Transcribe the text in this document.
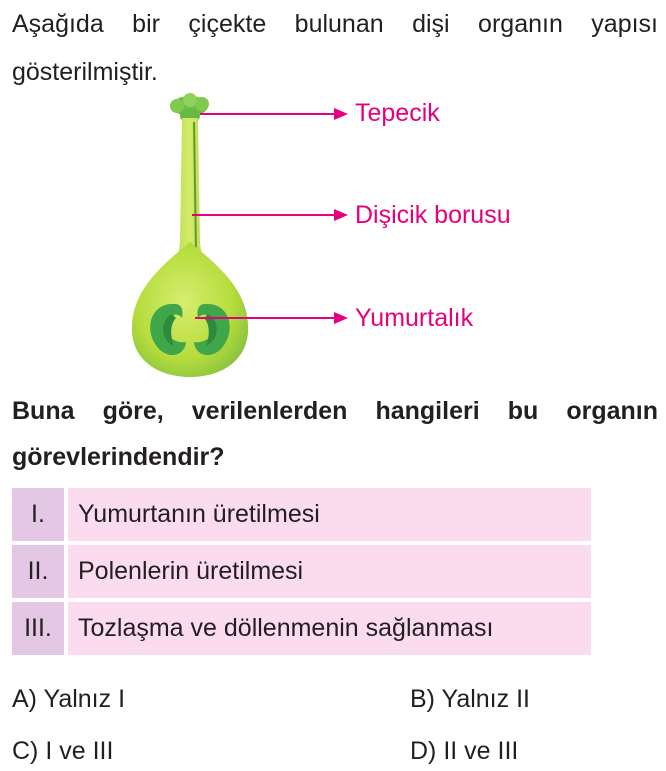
Aşağıda bir çiçekte bulunan dişi organın yapısı
gösterilmiştir.
Tepecik
Dişicik borusu
Yumurtalık
Buna göre, verilenlerden hangileri bu organın
görevlerindendir?
I.	Yumurtanın üretilmesi
II.	Polenlerin üretilmesi
III.	Tozlaşma ve döllenmenin sağlanması
A) Yalnız I	B) Yalnız II
C) I ve III	D) II ve III
